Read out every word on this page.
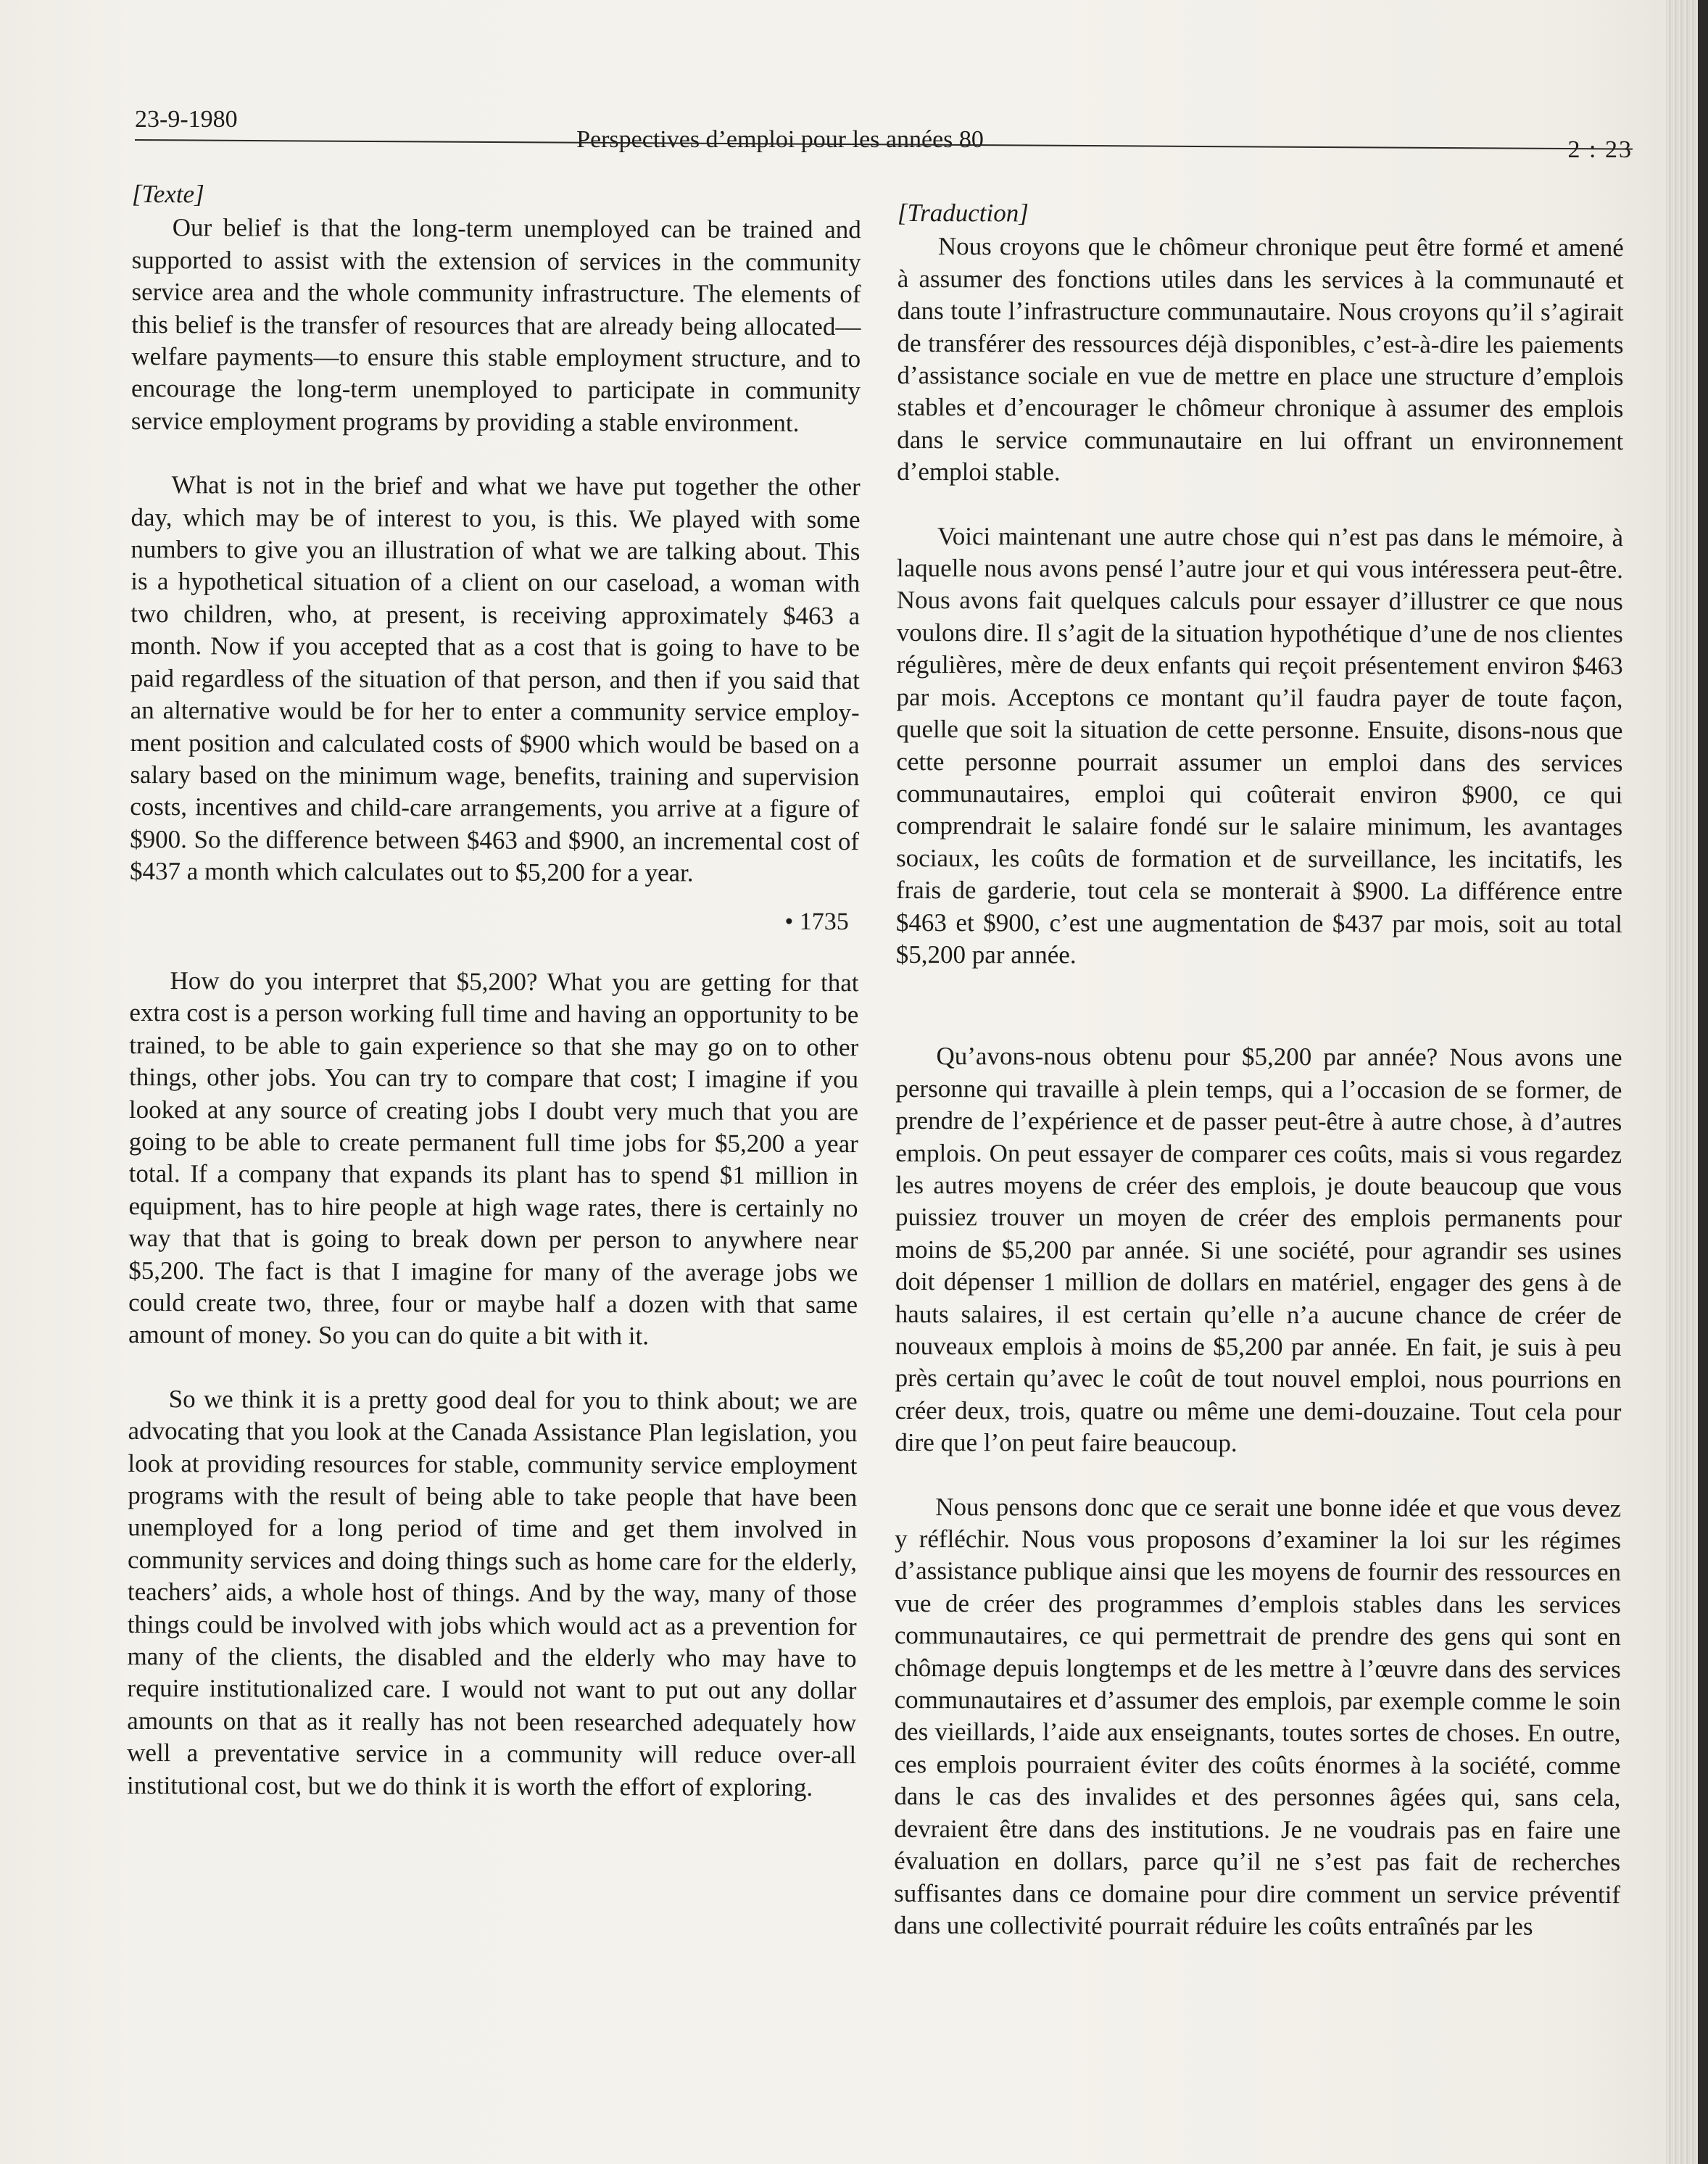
23-9-1980
Perspectives d’emploi pour les années 80	2 : 23

[Texte]

Our belief is that the long-term unemployed can be trained and supported to assist with the extension of services in the community service area and the whole community infrastructure. The elements of this belief is the transfer of resources that are already being allocated—welfare payments—to ensure this stable employment structure, and to encourage the long-term unemployed to participate in community service employment programs by providing a stable environment.

What is not in the brief and what we have put together the other day, which may be of interest to you, is this. We played with some numbers to give you an illustration of what we are talking about. This is a hypothetical situation of a client on our caseload, a woman with two children, who, at present, is receiving approximately $463 a month. Now if you accepted that as a cost that is going to have to be paid regardless of the situation of that person, and then if you said that an alternative would be for her to enter a community service employment position and calculated costs of $900 which would be based on a salary based on the minimum wage, benefits, training and supervision costs, incentives and child-care arrangements, you arrive at a figure of $900. So the difference between $463 and $900, an incremental cost of $437 a month which calculates out to $5,200 for a year.

• 1735

How do you interpret that $5,200? What you are getting for that extra cost is a person working full time and having an opportunity to be trained, to be able to gain experience so that she may go on to other things, other jobs. You can try to compare that cost; I imagine if you looked at any source of creating jobs I doubt very much that you are going to be able to create permanent full time jobs for $5,200 a year total. If a company that expands its plant has to spend $1 million in equipment, has to hire people at high wage rates, there is certainly no way that that is going to break down per person to anywhere near $5,200. The fact is that I imagine for many of the average jobs we could create two, three, four or maybe half a dozen with that same amount of money. So you can do quite a bit with it.

So we think it is a pretty good deal for you to think about; we are advocating that you look at the Canada Assistance Plan legislation, you look at providing resources for stable, community service employment programs with the result of being able to take people that have been unemployed for a long period of time and get them involved in community services and doing things such as home care for the elderly, teachers’ aids, a whole host of things. And by the way, many of those things could be involved with jobs which would act as a prevention for many of the clients, the disabled and the elderly who may have to require institutionalized care. I would not want to put out any dollar amounts on that as it really has not been researched adequately how well a preventative service in a community will reduce over-all institutional cost, but we do think it is worth the effort of exploring.

[Traduction]

Nous croyons que le chômeur chronique peut être formé et amené à assumer des fonctions utiles dans les services à la communauté et dans toute l’infrastructure communautaire. Nous croyons qu’il s’agirait de transférer des ressources déjà disponibles, c’est-à-dire les paiements d’assistance sociale en vue de mettre en place une structure d’emplois stables et d’encourager le chômeur chronique à assumer des emplois dans le service communautaire en lui offrant un environnement d’emploi stable.

Voici maintenant une autre chose qui n’est pas dans le mémoire, à laquelle nous avons pensé l’autre jour et qui vous intéressera peut-être. Nous avons fait quelques calculs pour essayer d’illustrer ce que nous voulons dire. Il s’agit de la situation hypothétique d’une de nos clientes régulières, mère de deux enfants qui reçoit présentement environ $463 par mois. Acceptons ce montant qu’il faudra payer de toute façon, quelle que soit la situation de cette personne. Ensuite, disons-nous que cette personne pourrait assumer un emploi dans des services communautaires, emploi qui coûterait environ $900, ce qui comprendrait le salaire fondé sur le salaire minimum, les avantages sociaux, les coûts de formation et de surveillance, les incitatifs, les frais de garderie, tout cela se monterait à $900. La différence entre $463 et $900, c’est une augmentation de $437 par mois, soit au total $5,200 par année.

Qu’avons-nous obtenu pour $5,200 par année? Nous avons une personne qui travaille à plein temps, qui a l’occasion de se former, de prendre de l’expérience et de passer peut-être à autre chose, à d’autres emplois. On peut essayer de comparer ces coûts, mais si vous regardez les autres moyens de créer des emplois, je doute beaucoup que vous puissiez trouver un moyen de créer des emplois permanents pour moins de $5,200 par année. Si une société, pour agrandir ses usines doit dépenser 1 million de dollars en matériel, engager des gens à de hauts salaires, il est certain qu’elle n’a aucune chance de créer de nouveaux emplois à moins de $5,200 par année. En fait, je suis à peu près certain qu’avec le coût de tout nouvel emploi, nous pourrions en créer deux, trois, quatre ou même une demi-douzaine. Tout cela pour dire que l’on peut faire beaucoup.

Nous pensons donc que ce serait une bonne idée et que vous devez y réfléchir. Nous vous proposons d’examiner la loi sur les régimes d’assistance publique ainsi que les moyens de fournir des ressources en vue de créer des programmes d’emplois stables dans les services communautaires, ce qui permettrait de prendre des gens qui sont en chômage depuis longtemps et de les mettre à l’œuvre dans des services communautaires et d’assumer des emplois, par exemple comme le soin des vieillards, l’aide aux enseignants, toutes sortes de choses. En outre, ces emplois pourraient éviter des coûts énormes à la société, comme dans le cas des invalides et des personnes âgées qui, sans cela, devraient être dans des institutions. Je ne voudrais pas en faire une évaluation en dollars, parce qu’il ne s’est pas fait de recherches suffisantes dans ce domaine pour dire comment un service préventif dans une collectivité pourrait réduire les coûts entraînés par les
